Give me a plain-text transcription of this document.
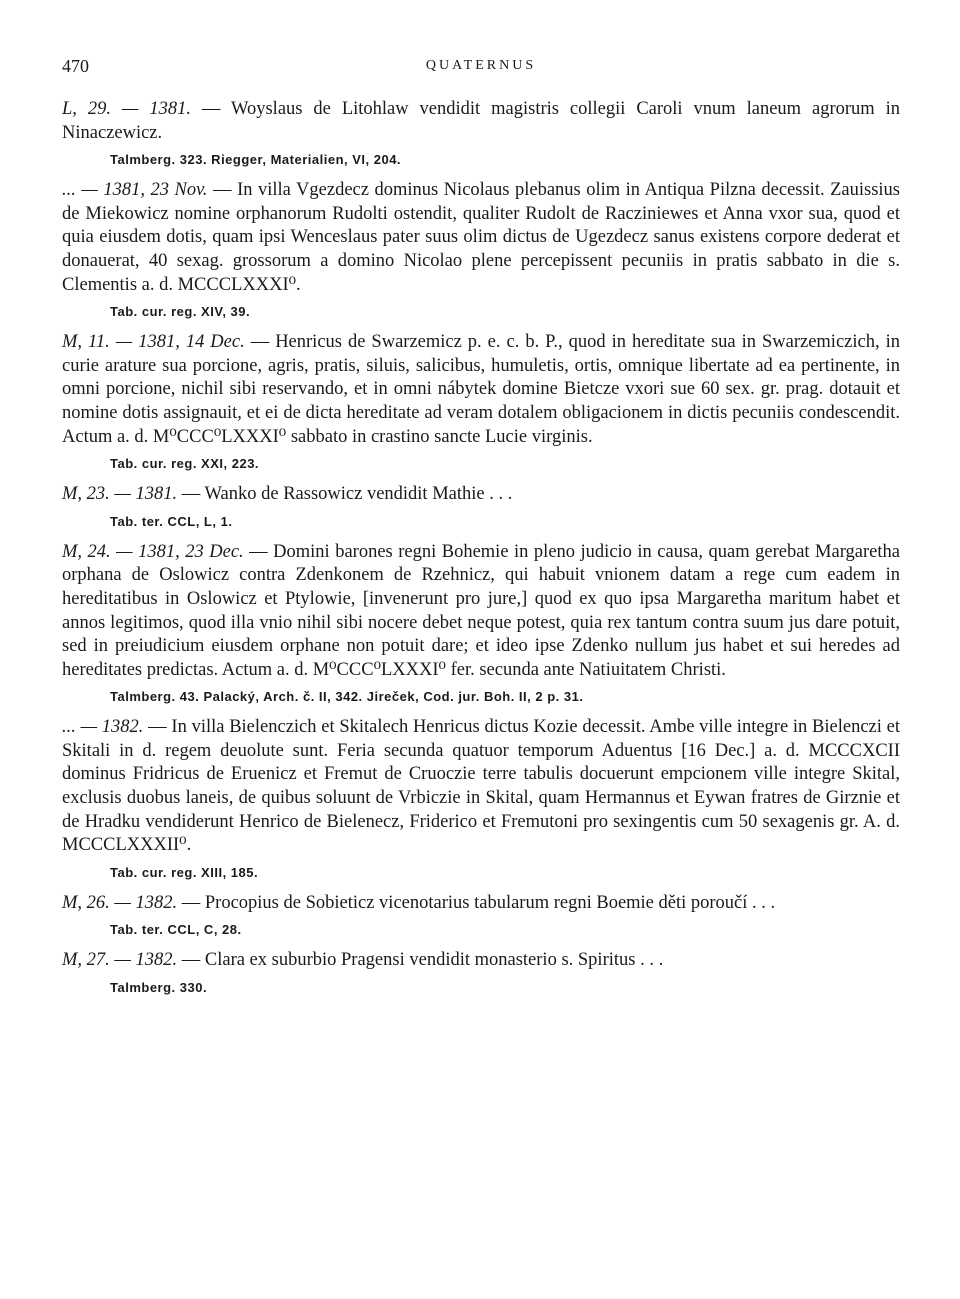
470	QUATERNUS

L, 29. — 1381. — Woyslaus de Litohlaw vendidit magistris collegii Caroli vnum laneum agrorum in Ninaczewicz.

Talmberg. 323. Riegger, Materialien, VI, 204.

... — 1381, 23 Nov. — In villa Vgezdecz dominus Nicolaus plebanus olim in Antiqua Pilzna decessit. Zauissius de Miekowicz nomine orphanorum Rudolti ostendit, qualiter Rudolt de Racziniewes et Anna vxor sua, quod et quia eiusdem dotis, quam ipsi Wenceslaus pater suus olim dictus de Ugezdecz sanus existens corpore dederat et donauerat, 40 sexag. grossorum a domino Nicolao plene percepissent pecuniis in pratis sabbato in die s. Clementis a. d. MCCCLXXXI⁰.

Tab. cur. reg. XIV, 39.

M, 11. — 1381, 14 Dec. — Henricus de Swarzemicz p. e. c. b. P., quod in hereditate sua in Swarzemiczich, in curie arature sua porcione, agris, pratis, siluis, salicibus, humuletis, ortis, omnique libertate ad ea pertinente, in omni porcione, nichil sibi reservando, et in omni nábytek domine Bietcze vxori sue 60 sex. gr. prag. dotauit et nomine dotis assignauit, et ei de dicta hereditate ad veram dotalem obligacionem in dictis pecuniis condescendit. Actum a. d. M⁰CCC⁰LXXXI⁰ sabbato in crastino sancte Lucie virginis.

Tab. cur. reg. XXI, 223.

M, 23. — 1381. — Wanko de Rassowicz vendidit Mathie . . .

Tab. ter. CCL, L, 1.

M, 24. — 1381, 23 Dec. — Domini barones regni Bohemie in pleno judicio in causa, quam gerebat Margaretha orphana de Oslowicz contra Zdenkonem de Rzehnicz, qui habuit vnionem datam a rege cum eadem in hereditatibus in Oslowicz et Ptylowie, [invenerunt pro jure,] quod ex quo ipsa Margaretha maritum habet et annos legitimos, quod illa vnio nihil sibi nocere debet neque potest, quia rex tantum contra suum jus dare potuit, sed in preiudicium eiusdem orphane non potuit dare; et ideo ipse Zdenko nullum jus habet et sui heredes ad hereditates predictas. Actum a. d. M⁰CCC⁰LXXXI⁰ fer. secunda ante Natiuitatem Christi.

Talmberg. 43. Palacký, Arch. č. II, 342. Jireček, Cod. jur. Boh. II, 2 p. 31.

... — 1382. — In villa Bielenczich et Skitalech Henricus dictus Kozie decessit. Ambe ville integre in Bielenczi et Skitali in d. regem deuolute sunt. Feria secunda quatuor temporum Aduentus [16 Dec.] a. d. MCCCXCII dominus Fridricus de Eruenicz et Fremut de Cruoczie terre tabulis docuerunt empcionem ville integre Skital, exclusis duobus laneis, de quibus soluunt de Vrbiczie in Skital, quam Hermannus et Eywan fratres de Girznie et de Hradku vendiderunt Henrico de Bielenecz, Friderico et Fremutoni pro sexingentis cum 50 sexagenis gr. A. d. MCCCLXXXII⁰.

Tab. cur. reg. XIII, 185.

M, 26. — 1382. — Procopius de Sobieticz vicenotarius tabularum regni Boemie děti poroučí . . .

Tab. ter. CCL, C, 28.

M, 27. — 1382. — Clara ex suburbio Pragensi vendidit monasterio s. Spiritus . . .

Talmberg. 330.
